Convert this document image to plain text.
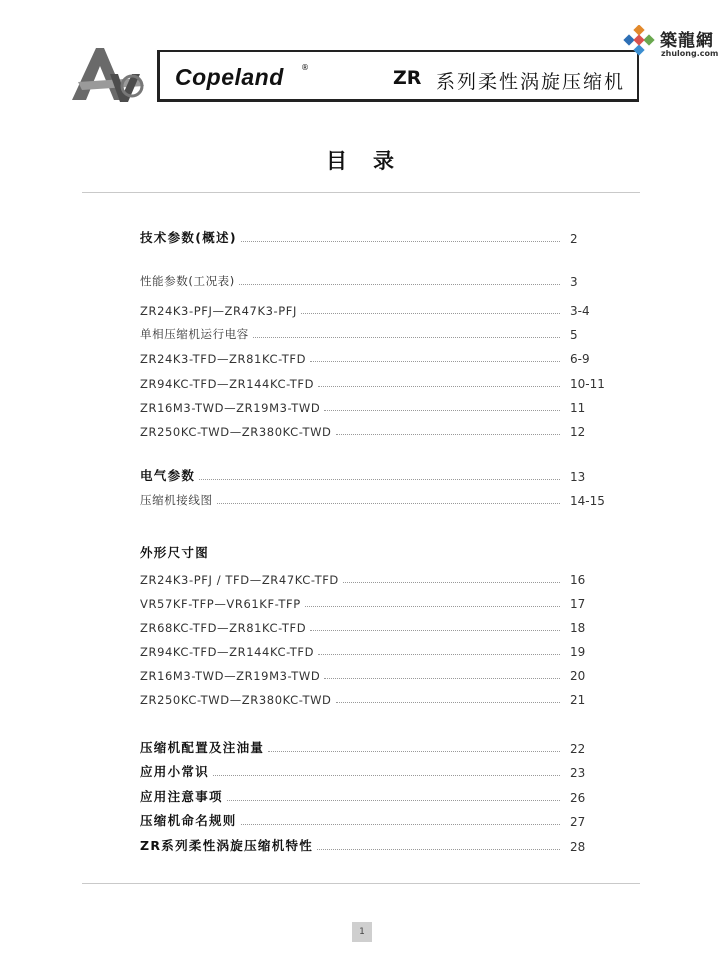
Copeland ®	ZR 系列柔性涡旋压缩机
築龍網
zhulong.com
目录
技术参数(概述)	2
性能参数(工况表)	3
ZR24K3-PFJ—ZR47K3-PFJ	3-4
单相压缩机运行电容	5
ZR24K3-TFD—ZR81KC-TFD	6-9
ZR94KC-TFD—ZR144KC-TFD	10-11
ZR16M3-TWD—ZR19M3-TWD	11
ZR250KC-TWD—ZR380KC-TWD	12
电气参数	13
压缩机接线图	14-15
外形尺寸图
ZR24K3-PFJ / TFD—ZR47KC-TFD	16
VR57KF-TFP—VR61KF-TFP	17
ZR68KC-TFD—ZR81KC-TFD	18
ZR94KC-TFD—ZR144KC-TFD	19
ZR16M3-TWD—ZR19M3-TWD	20
ZR250KC-TWD—ZR380KC-TWD	21
压缩机配置及注油量	22
应用小常识	23
应用注意事项	26
压缩机命名规则	27
ZR系列柔性涡旋压缩机特性	28
1
